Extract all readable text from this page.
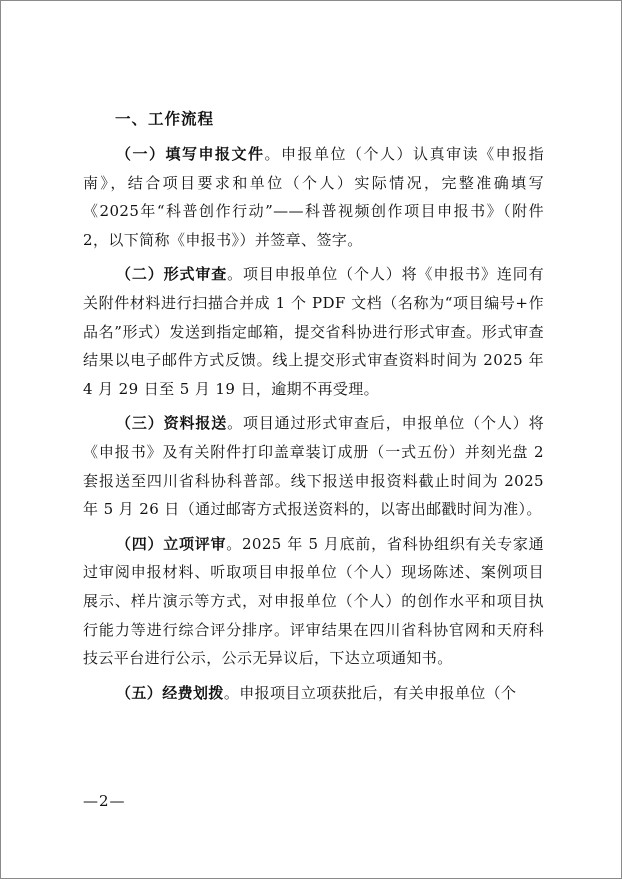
一、工作流程

（一）填写申报文件。申报单位（个人）认真审读《申报指南》，结合项目要求和单位（个人）实际情况，完整准确填写《2025年“科普创作行动”——科普视频创作项目申报书》（附件 2，以下简称《申报书》）并签章、签字。

（二）形式审查。项目申报单位（个人）将《申报书》连同有关附件材料进行扫描合并成 1 个 PDF 文档（名称为“项目编号+作品名”形式）发送到指定邮箱，提交省科协进行形式审查。形式审查结果以电子邮件方式反馈。线上提交形式审查资料时间为 2025 年 4 月 29 日至 5 月 19 日，逾期不再受理。

（三）资料报送。项目通过形式审查后，申报单位（个人）将《申报书》及有关附件打印盖章装订成册（一式五份）并刻光盘 2 套报送至四川省科协科普部。线下报送申报资料截止时间为 2025 年 5 月 26 日（通过邮寄方式报送资料的，以寄出邮戳时间为准）。

（四）立项评审。2025 年 5 月底前，省科协组织有关专家通过审阅申报材料、听取项目申报单位（个人）现场陈述、案例项目展示、样片演示等方式，对申报单位（个人）的创作水平和项目执行能力等进行综合评分排序。评审结果在四川省科协官网和天府科技云平台进行公示，公示无异议后，下达立项通知书。

（五）经费划拨。申报项目立项获批后，有关申报单位（个

—2—
